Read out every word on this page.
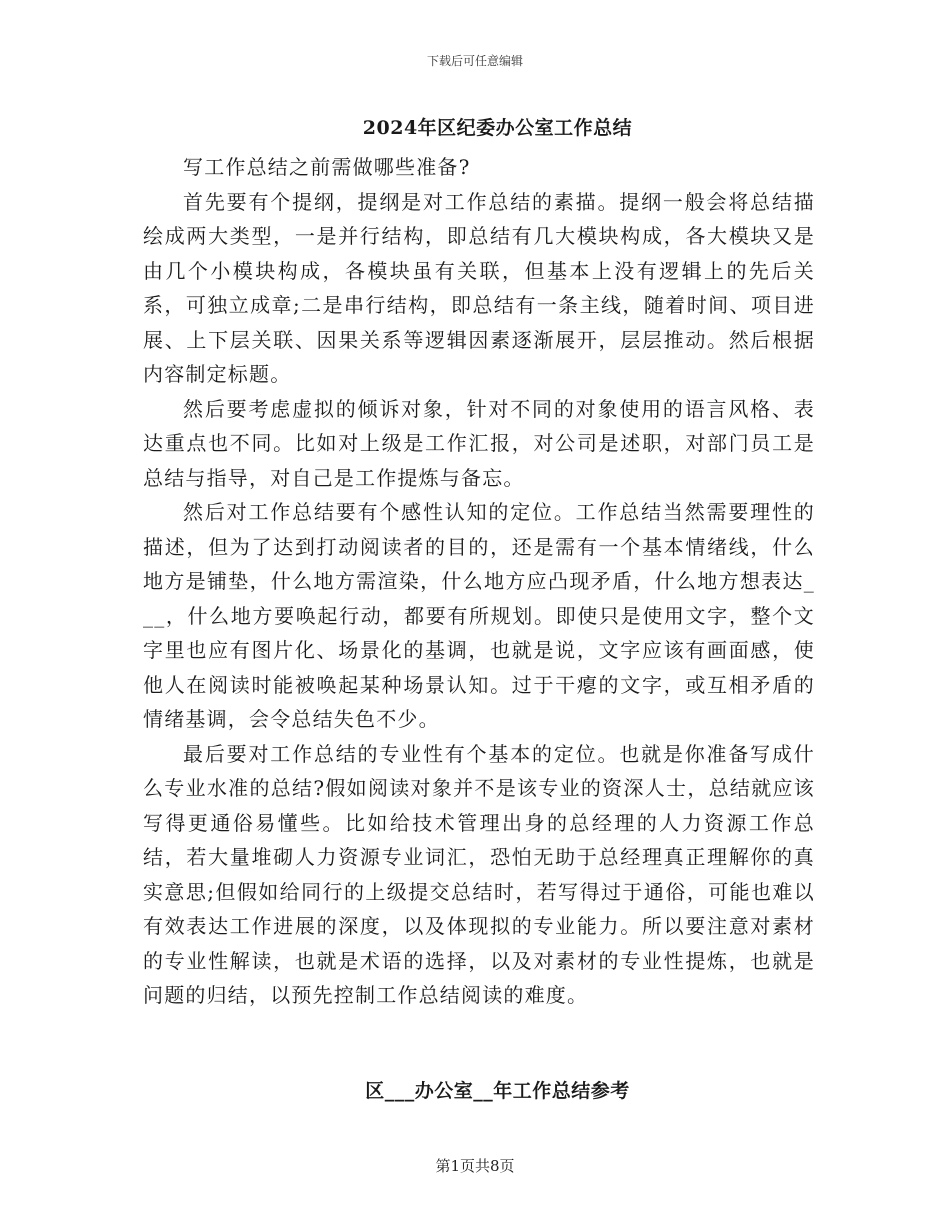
下载后可任意编辑
2024年区纪委办公室工作总结

写工作总结之前需做哪些准备?

首先要有个提纲，提纲是对工作总结的素描。提纲一般会将总结描绘成两大类型，一是并行结构，即总结有几大模块构成，各大模块又是由几个小模块构成，各模块虽有关联，但基本上没有逻辑上的先后关系，可独立成章;二是串行结构，即总结有一条主线，随着时间、项目进展、上下层关联、因果关系等逻辑因素逐渐展开，层层推动。然后根据内容制定标题。

然后要考虑虚拟的倾诉对象，针对不同的对象使用的语言风格、表达重点也不同。比如对上级是工作汇报，对公司是述职，对部门员工是总结与指导，对自己是工作提炼与备忘。

然后对工作总结要有个感性认知的定位。工作总结当然需要理性的描述，但为了达到打动阅读者的目的，还是需有一个基本情绪线，什么地方是铺垫，什么地方需渲染，什么地方应凸现矛盾，什么地方想表达___，什么地方要唤起行动，都要有所规划。即使只是使用文字，整个文字里也应有图片化、场景化的基调，也就是说，文字应该有画面感，使他人在阅读时能被唤起某种场景认知。过于干瘪的文字，或互相矛盾的情绪基调，会令总结失色不少。

最后要对工作总结的专业性有个基本的定位。也就是你准备写成什么专业水准的总结?假如阅读对象并不是该专业的资深人士，总结就应该写得更通俗易懂些。比如给技术管理出身的总经理的人力资源工作总结，若大量堆砌人力资源专业词汇，恐怕无助于总经理真正理解你的真实意思;但假如给同行的上级提交总结时，若写得过于通俗，可能也难以有效表达工作进展的深度，以及体现拟的专业能力。所以要注意对素材的专业性解读，也就是术语的选择，以及对素材的专业性提炼，也就是问题的归结，以预先控制工作总结阅读的难度。

区___办公室__年工作总结参考
第1页共8页
